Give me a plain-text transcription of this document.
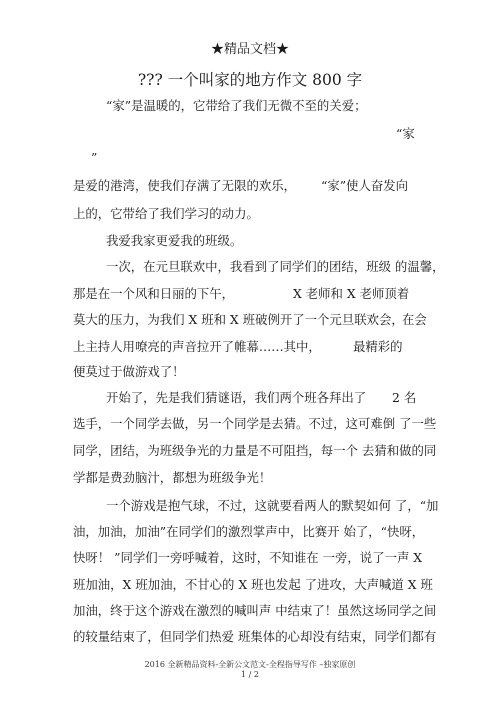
★精品文档★
??? 一个叫家的地方作文 800 字
“家”是温暖的，它带给了我们无微不至的关爱；
“家
”
是爱的港湾，使我们存满了无限的欢乐， “家”使人奋发向
上的，它带给了我们学习的动力。
我爱我家更爱我的班级。
一次，在元旦联欢中，我看到了同学们的团结，班级 的温馨，
那是在一个风和日丽的下午，	X 老师和 X 老师顶着
莫大的压力，为我们 X 班和 X 班破例开了一个元旦联欢会，
在会
上主持人用嘹亮的声音拉开了帷幕……其中，	最精彩的
便莫过于做游戏了！
开始了，先是我们猜谜语，我们两个班各拜出了 2 名
选手，一个同学去做，另一个同学是去猜。不过，这可难倒 了一些
同学，团结，为班级争光的力量是不可阻挡，每一个 去猜和做的同
学都是费劲脑汁，都想为班级争光！
一个游戏是抱气球，不过，这就要看两人的默契如何 了，“加
油，加油，加油”在同学们的激烈掌声中，比赛开 始了，“快呀，
快呀！ ”同学们一旁呼喊着，这时，不知谁在 一旁，说了一声 X
班加油，X 班加油，不甘心的 X 班也发起 了进攻，大声喊道 X 班
加油，终于这个游戏在激烈的喊叫声 中结束了！虽然这场同学之间
的较量结束了，但同学们热爱 班集体的心却没有结束，同学们都有
2016 全新精品资料-全新公文范文-全程指导写作 –独家原创
1 / 2
